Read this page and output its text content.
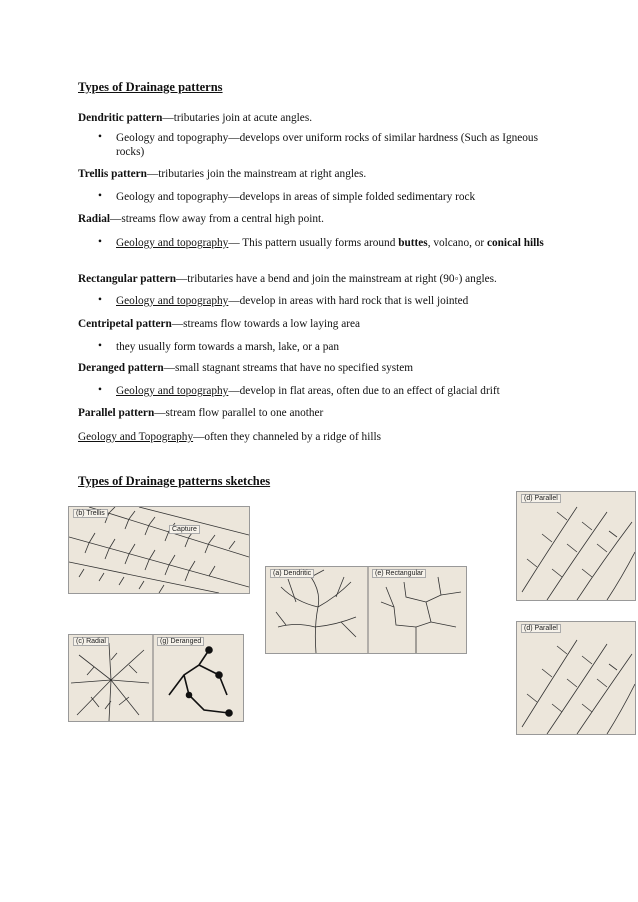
Types of Drainage patterns
Dendritic pattern—tributaries join at acute angles.
• Geology and topography—develops over uniform rocks of similar hardness (Such as Igneous rocks)
Trellis pattern—tributaries join the mainstream at right angles.
• Geology and topography—develops in areas of simple folded sedimentary rock
Radial—streams flow away from a central high point.
• Geology and topography— This pattern usually forms around buttes, volcano, or conical hills
Rectangular pattern—tributaries have a bend and join the mainstream at right (90◦) angles.
• Geology and topography—develop in areas with hard rock that is well jointed
Centripetal pattern—streams flow towards a low laying area
• they usually form towards a marsh, lake, or a pan
Deranged pattern—small stagnant streams that have no specified system
• Geology and topography—develop in flat areas, often due to an effect of glacial drift
Parallel pattern—stream flow parallel to one another
Geology and Topography—often they channeled by a ridge of hills
Types of Drainage patterns sketches
(b) Trellis
Capture
(a) Dendritic	(e) Rectangular
(c) Radial	(g) Deranged
(d) Parallel
(d) Parallel
